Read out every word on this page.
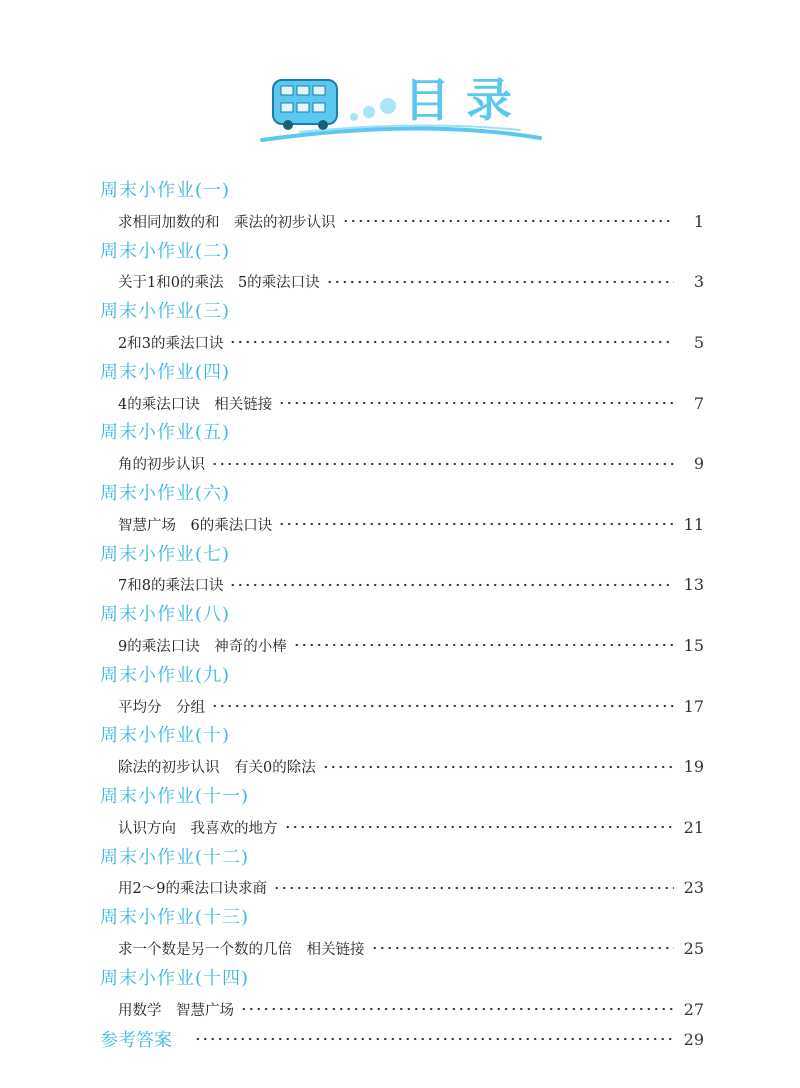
目录
周末小作业(一)
求相同加数的和　乘法的初步认识	1
周末小作业(二)
关于1和0的乘法　5的乘法口诀	3
周末小作业(三)
2和3的乘法口诀	5
周末小作业(四)
4的乘法口诀　相关链接	7
周末小作业(五)
角的初步认识	9
周末小作业(六)
智慧广场　6的乘法口诀	11
周末小作业(七)
7和8的乘法口诀	13
周末小作业(八)
9的乘法口诀　神奇的小棒	15
周末小作业(九)
平均分　分组	17
周末小作业(十)
除法的初步认识　有关0的除法	19
周末小作业(十一)
认识方向　我喜欢的地方	21
周末小作业(十二)
用2～9的乘法口诀求商	23
周末小作业(十三)
求一个数是另一个数的几倍　相关链接	25
周末小作业(十四)
用数学　智慧广场	27
参考答案	29
